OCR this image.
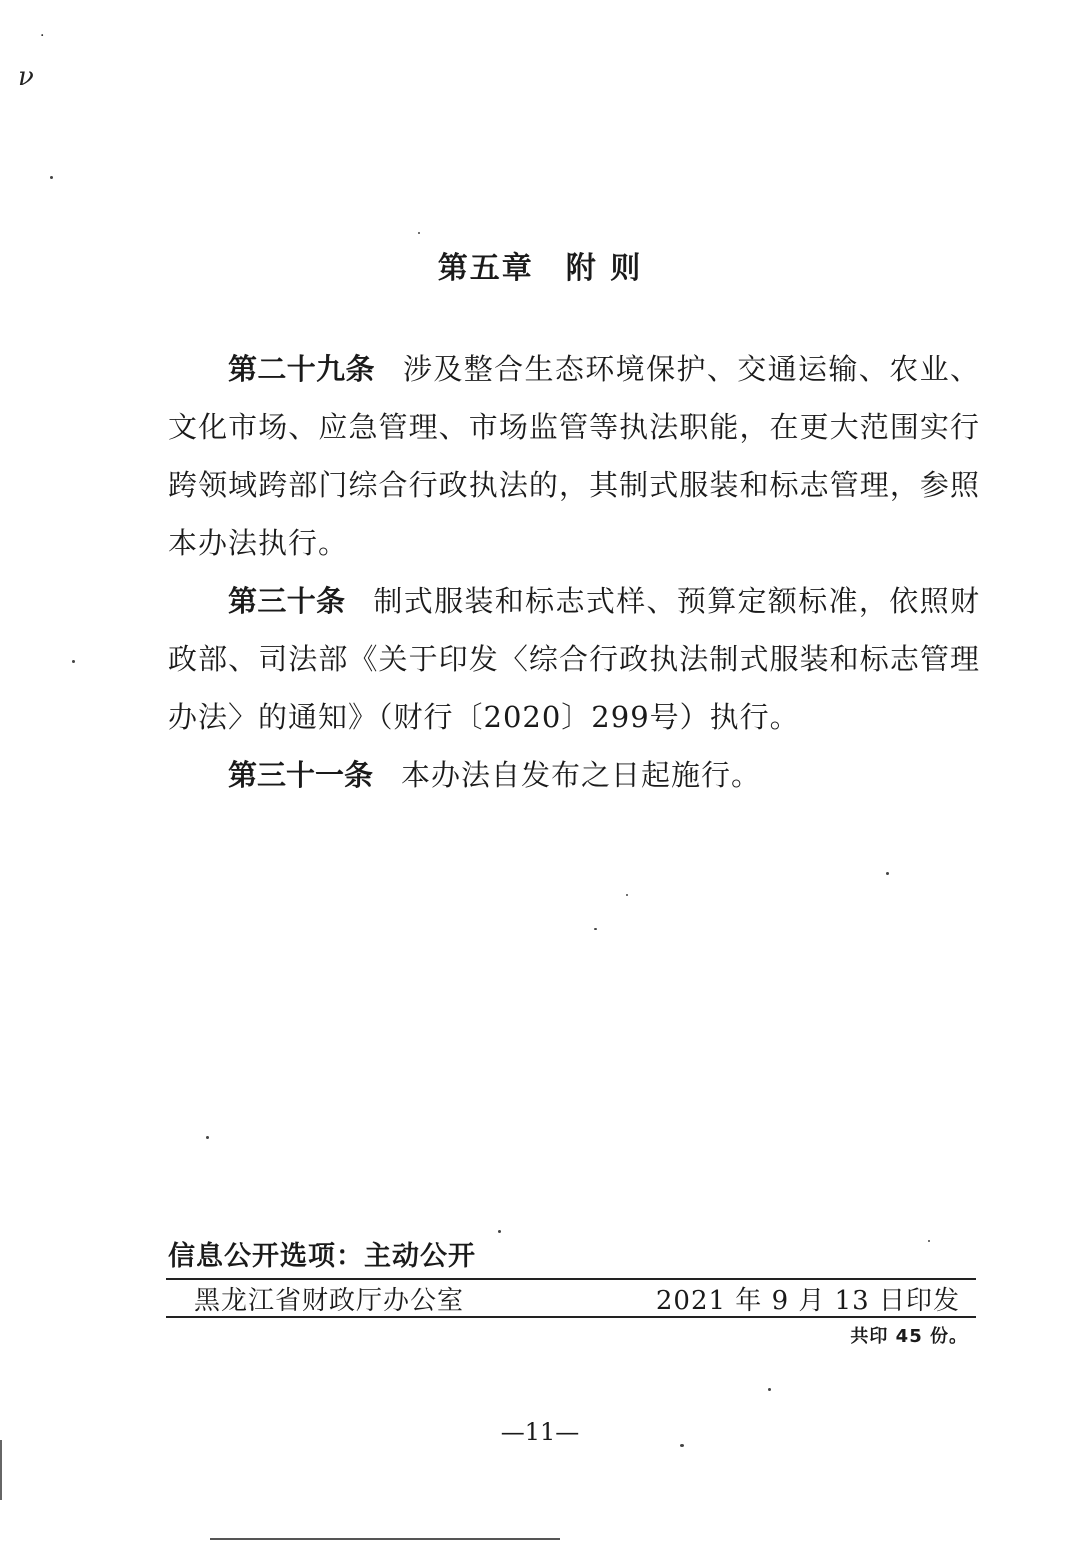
·
ν
第五章　附 则
第二十九条 涉及整合生态环境保护、交通运输、农业、文化市场、应急管理、市场监管等执法职能，在更大范围实行跨领域跨部门综合行政执法的，其制式服装和标志管理，参照本办法执行。
第三十条 制式服装和标志式样、预算定额标准，依照财政部、司法部《关于印发〈综合行政执法制式服装和标志管理办法〉的通知》（财行〔2020〕299号）执行。
第三十一条 本办法自发布之日起施行。
信息公开选项：主动公开
黑龙江省财政厅办公室	2021 年 9 月 13 日印发
共印 45 份。
—11—
